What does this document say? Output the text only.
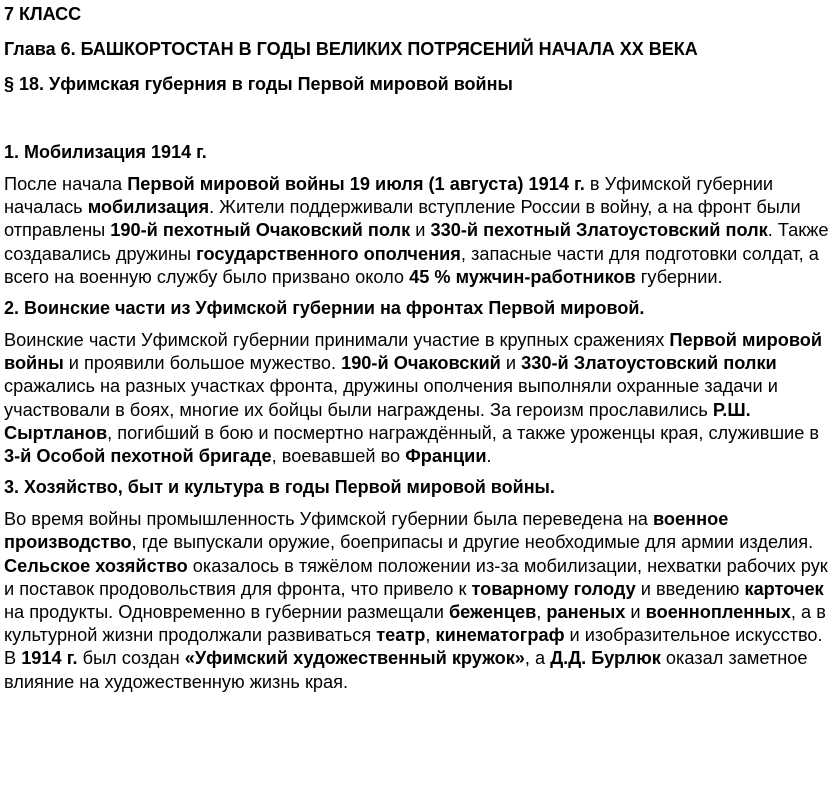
7 КЛАСС
Глава 6. БАШКОРТОСТАН В ГОДЫ ВЕЛИКИХ ПОТРЯСЕНИЙ НАЧАЛА XX ВЕКА
§ 18. Уфимская губерния в годы Первой мировой войны
1. Мобилизация 1914 г.

После начала Первой мировой войны 19 июля (1 августа) 1914 г. в Уфимской губернии началась мобилизация. Жители поддерживали вступление России в войну, а на фронт были отправлены 190-й пехотный Очаковский полк и 330-й пехотный Златоустовский полк. Также создавались дружины государственного ополчения, запасные части для подготовки солдат, а всего на военную службу было призвано около 45 % мужчин-работников губернии.

2. Воинские части из Уфимской губернии на фронтах Первой мировой.

Воинские части Уфимской губернии принимали участие в крупных сражениях Первой мировой войны и проявили большое мужество. 190-й Очаковский и 330-й Златоустовский полки сражались на разных участках фронта, дружины ополчения выполняли охранные задачи и участвовали в боях, многие их бойцы были награждены. За героизм прославились Р.Ш. Сыртланов, погибший в бою и посмертно награждённый, а также уроженцы края, служившие в 3-й Особой пехотной бригаде, воевавшей во Франции.

3. Хозяйство, быт и культура в годы Первой мировой войны.

Во время войны промышленность Уфимской губернии была переведена на военное производство, где выпускали оружие, боеприпасы и другие необходимые для армии изделия. Сельское хозяйство оказалось в тяжёлом положении из-за мобилизации, нехватки рабочих рук и поставок продовольствия для фронта, что привело к товарному голоду и введению карточек на продукты. Одновременно в губернии размещали беженцев, раненых и военнопленных, а в культурной жизни продолжали развиваться театр, кинематограф и изобразительное искусство. В 1914 г. был создан «Уфимский художественный кружок», а Д.Д. Бурлюк оказал заметное влияние на художественную жизнь края.
